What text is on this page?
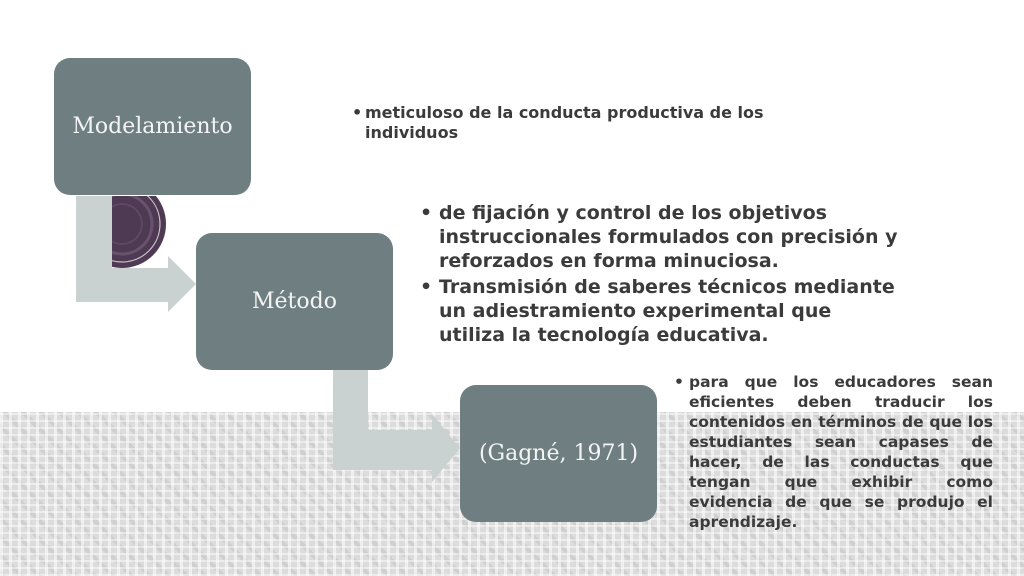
Modelamiento
Método
(Gagné, 1971)
• meticuloso de la conducta productiva de los individuos
• de fijación y control de los objetivos instruccionales formulados con precisión y reforzados en forma minuciosa.
• Transmisión de saberes técnicos mediante un adiestramiento experimental que utiliza la tecnología educativa.
• para que los educadores sean eficientes deben traducir los contenidos en términos de que los estudiantes sean capases de hacer, de las conductas que tengan que exhibir como evidencia de que se produjo el aprendizaje.
